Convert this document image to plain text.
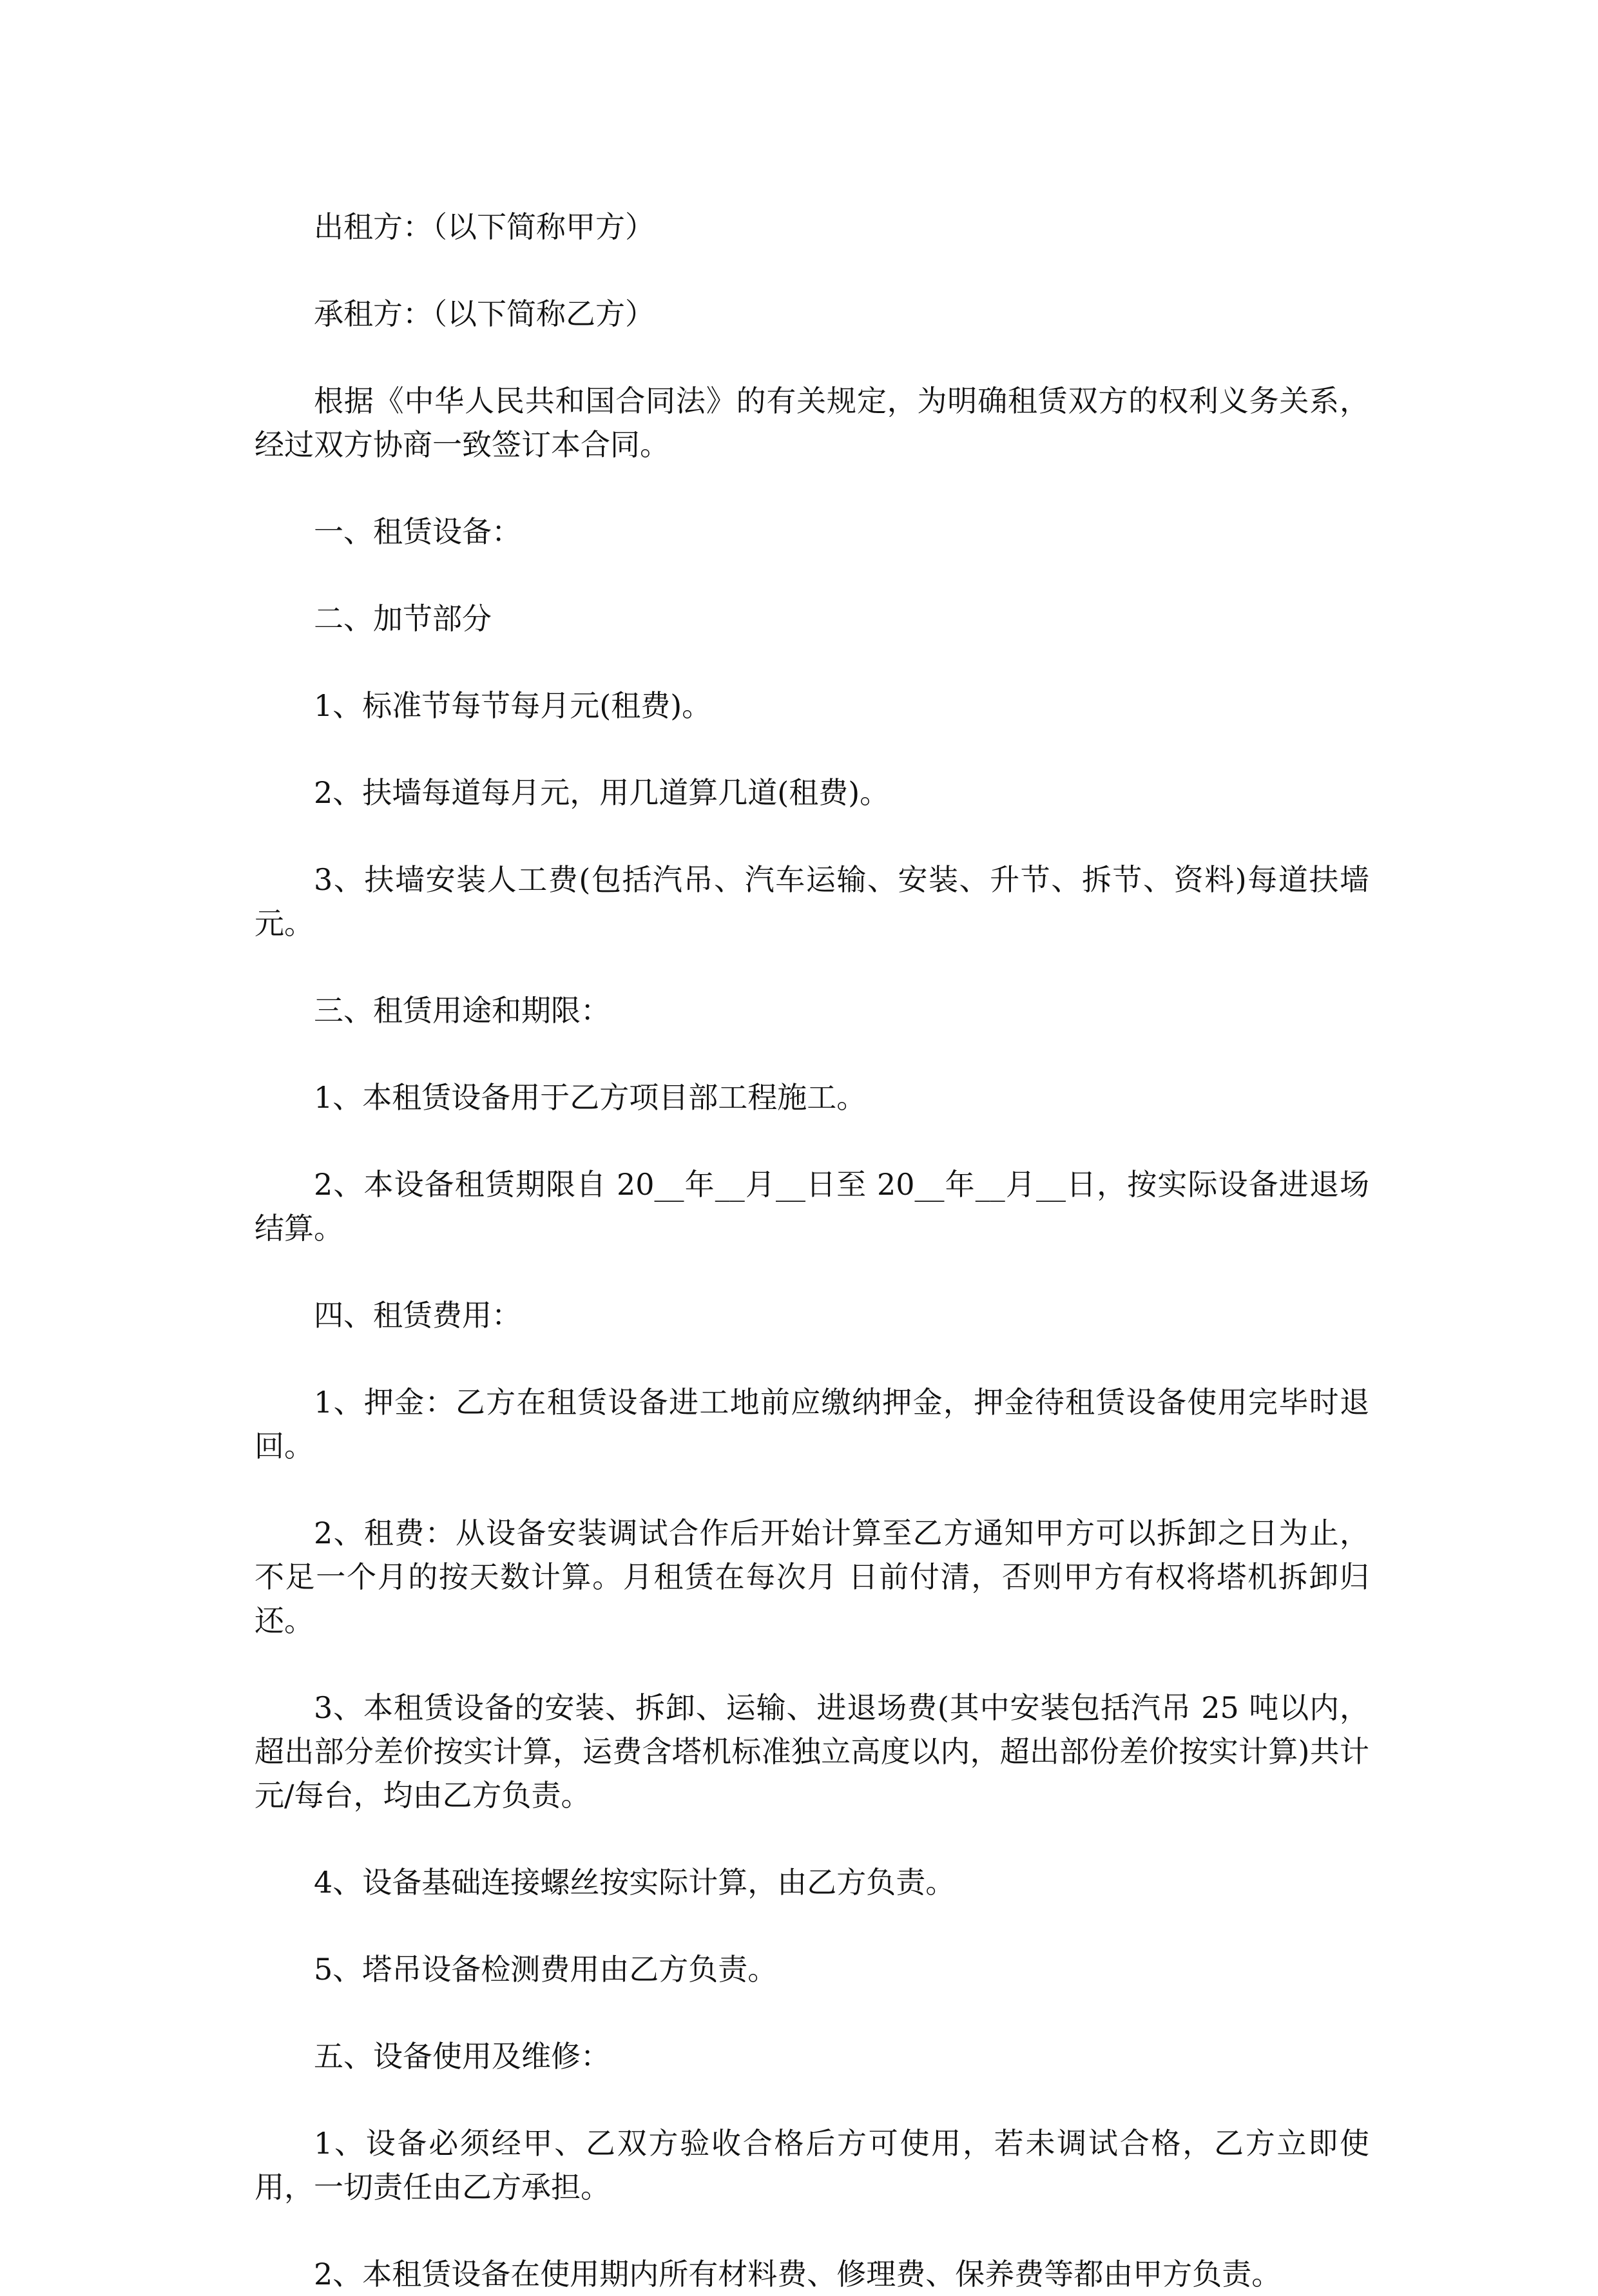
出租方：（以下简称甲方）

承租方：（以下简称乙方）

根据《中华人民共和国合同法》的有关规定，为明确租赁双方的权利义务关系，经过双方协商一致签订本合同。

一、租赁设备：

二、加节部分

1、标准节每节每月元(租费)。

2、扶墙每道每月元，用几道算几道(租费)。

3、扶墙安装人工费(包括汽吊、汽车运输、安装、升节、拆节、资料)每道扶墙 元。

三、租赁用途和期限：

1、本租赁设备用于乙方项目部工程施工。

2、本设备租赁期限自 20__年__月__日至 20__年__月__日，按实际设备进退场结算。

四、租赁费用：

1、押金：乙方在租赁设备进工地前应缴纳押金，押金待租赁设备使用完毕时退回。

2、租费：从设备安装调试合作后开始计算至乙方通知甲方可以拆卸之日为止，不足一个月的按天数计算。月租赁在每次月 日前付清，否则甲方有权将塔机拆卸归还。

3、本租赁设备的安装、拆卸、运输、进退场费(其中安装包括汽吊 25 吨以内，超出部分差价按实计算，运费含塔机标准独立高度以内，超出部份差价按实计算)共计 元/每台，均由乙方负责。

4、设备基础连接螺丝按实际计算，由乙方负责。

5、塔吊设备检测费用由乙方负责。

五、设备使用及维修：

1、设备必须经甲、乙双方验收合格后方可使用，若未调试合格，乙方立即使用，一切责任由乙方承担。

2、本租赁设备在使用期内所有材料费、修理费、保养费等都由甲方负责。
